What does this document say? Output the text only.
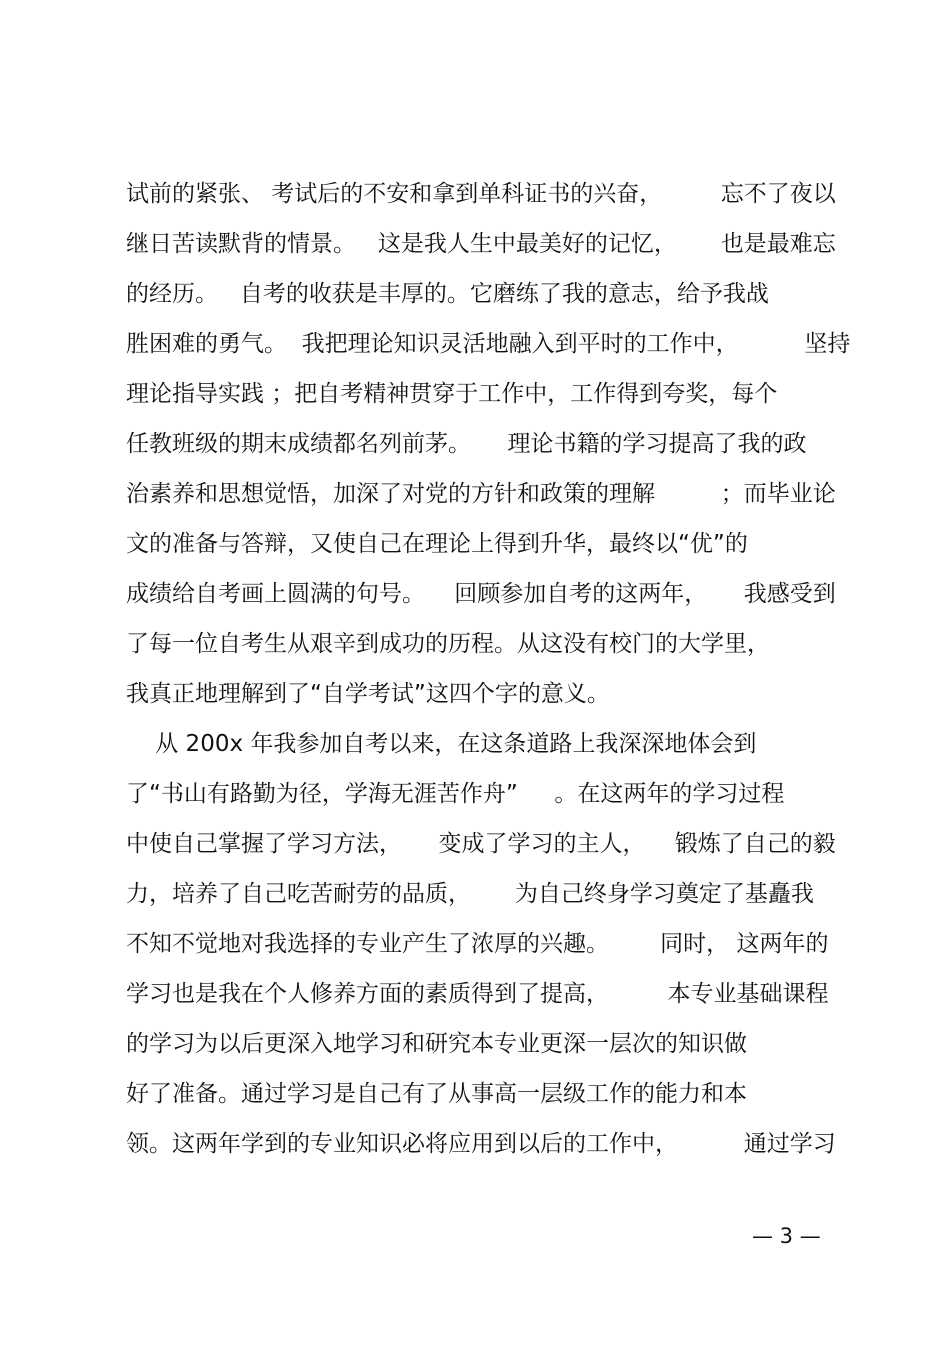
试前的紧张、 考试后的不安和拿到单科证书的兴奋，        忘不了夜以
继日苦读默背的情景。   这是我人生中最美好的记忆，      也是最难忘
的经历。   自考的收获是丰厚的。它磨练了我的意志，给予我战
胜困难的勇气。  我把理论知识灵活地融入到平时的工作中，         坚持
理论指导实践 ；把自考精神贯穿于工作中，工作得到夸奖，每个
任教班级的期末成绩都名列前茅。     理论书籍的学习提高了我的政
治素养和思想觉悟，加深了对党的方针和政策的理解         ；而毕业论
文的准备与答辩，又使自己在理论上得到升华，最终以“优”的
成绩给自考画上圆满的句号。    回顾参加自考的这两年，     我感受到
了每一位自考生从艰辛到成功的历程。从这没有校门的大学里，
我真正地理解到了“自学考试”这四个字的意义。
从 200x 年我参加自考以来，在这条道路上我深深地体会到
了“书山有路勤为径，学海无涯苦作舟”     。在这两年的学习过程
中使自己掌握了学习方法，     变成了学习的主人，    锻炼了自己的毅
力，培养了自己吃苦耐劳的品质，      为自己终身学习奠定了基矗我
不知不觉地对我选择的专业产生了浓厚的兴趣。       同时， 这两年的
学习也是我在个人修养方面的素质得到了提高，        本专业基础课程
的学习为以后更深入地学习和研究本专业更深一层次的知识做
好了准备。通过学习是自己有了从事高一层级工作的能力和本
领。这两年学到的专业知识必将应用到以后的工作中，         通过学习
— 3 —
